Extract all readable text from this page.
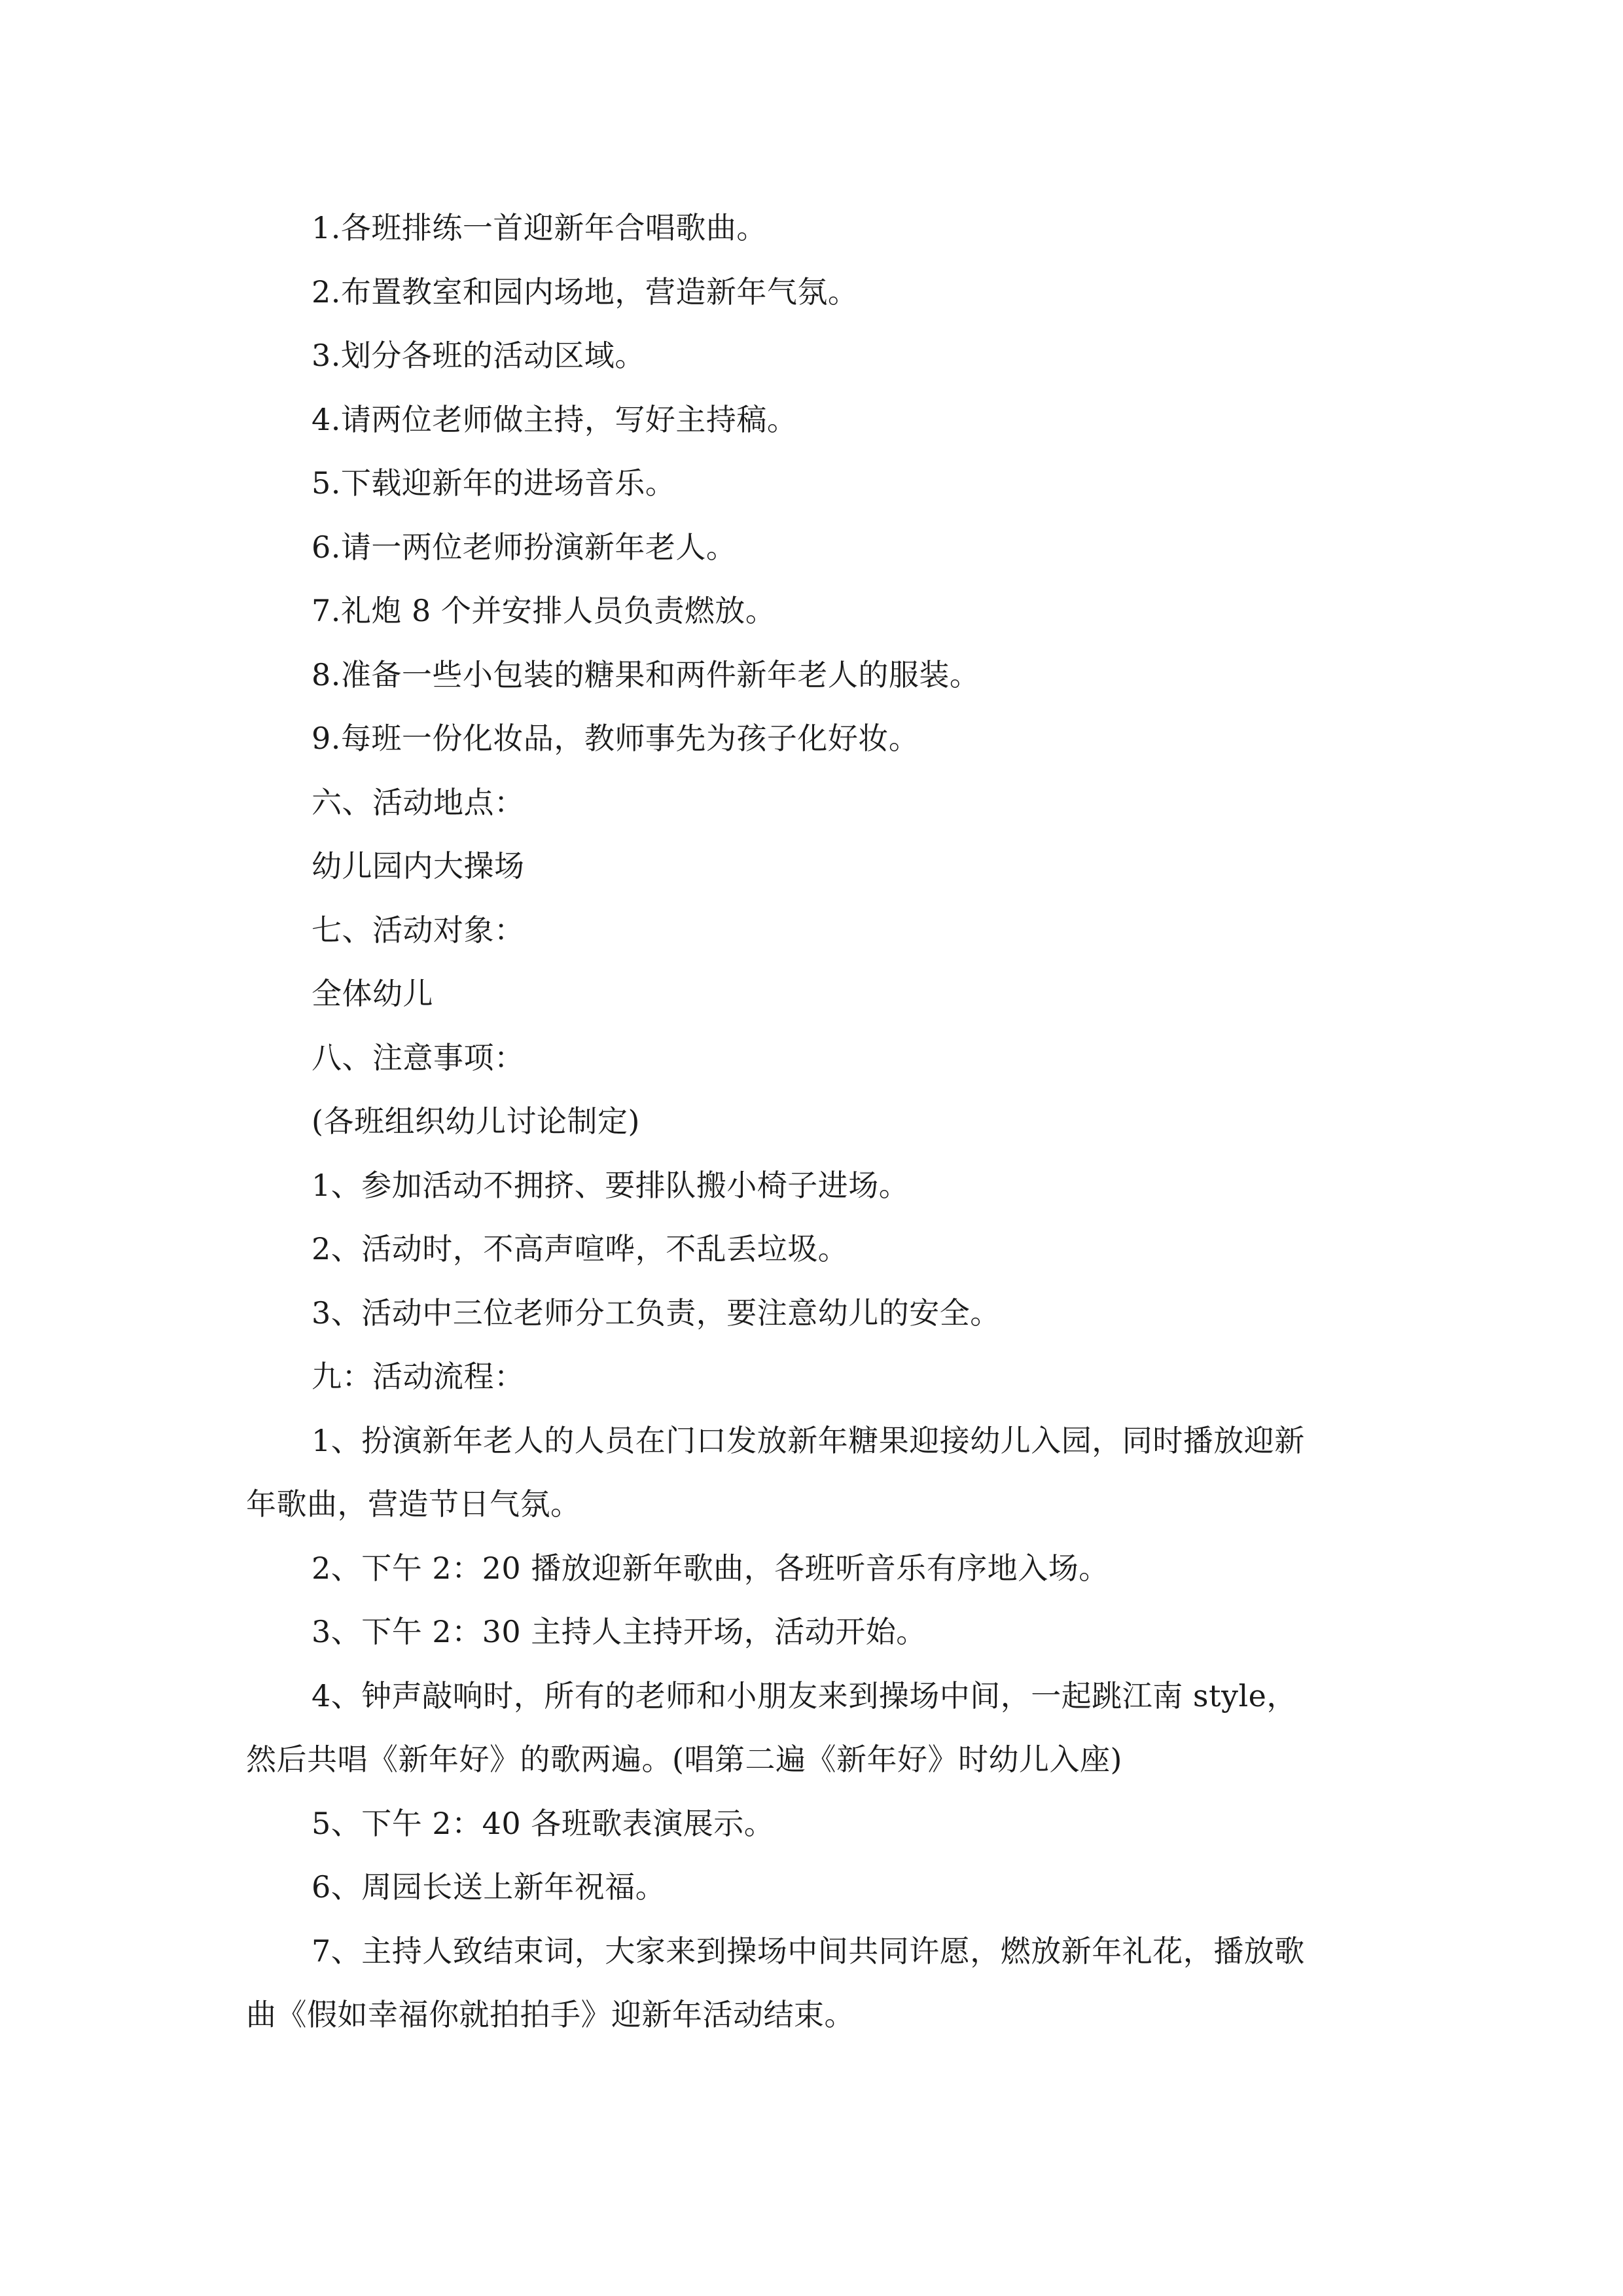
1.各班排练一首迎新年合唱歌曲。
2.布置教室和园内场地，营造新年气氛。
3.划分各班的活动区域。
4.请两位老师做主持，写好主持稿。
5.下载迎新年的进场音乐。
6.请一两位老师扮演新年老人。
7.礼炮 8 个并安排人员负责燃放。
8.准备一些小包装的糖果和两件新年老人的服装。
9.每班一份化妆品，教师事先为孩子化好妆。
六、活动地点：
幼儿园内大操场
七、活动对象：
全体幼儿
八、注意事项：
(各班组织幼儿讨论制定)
1、参加活动不拥挤、要排队搬小椅子进场。
2、活动时，不高声喧哗，不乱丢垃圾。
3、活动中三位老师分工负责，要注意幼儿的安全。
九：活动流程：
1、扮演新年老人的人员在门口发放新年糖果迎接幼儿入园，同时播放迎新
年歌曲，营造节日气氛。
2、下午 2：20 播放迎新年歌曲，各班听音乐有序地入场。
3、下午 2：30 主持人主持开场，活动开始。
4、钟声敲响时，所有的老师和小朋友来到操场中间，一起跳江南 style，
然后共唱《新年好》的歌两遍。(唱第二遍《新年好》时幼儿入座)
5、下午 2：40 各班歌表演展示。
6、周园长送上新年祝福。
7、主持人致结束词，大家来到操场中间共同许愿，燃放新年礼花，播放歌
曲《假如幸福你就拍拍手》迎新年活动结束。
